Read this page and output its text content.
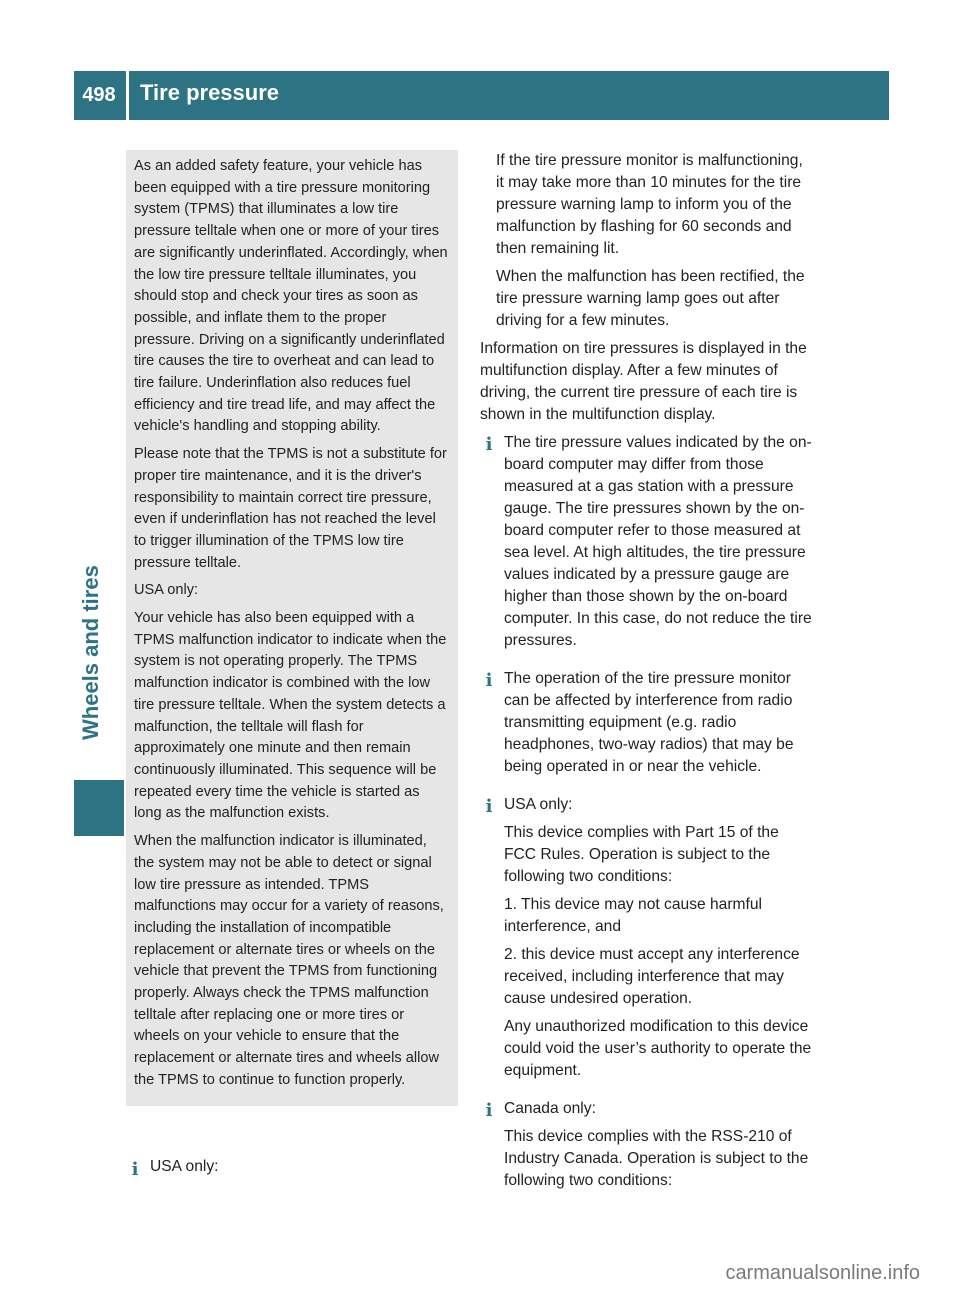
498	Tire pressure
Wheels and tires

As an added safety feature, your vehicle has been equipped with a tire pressure monitoring system (TPMS) that illuminates a low tire pressure telltale when one or more of your tires are significantly underinflated. Accordingly, when the low tire pressure telltale illuminates, you should stop and check your tires as soon as possible, and inflate them to the proper pressure. Driving on a significantly underinflated tire causes the tire to overheat and can lead to tire failure. Underinflation also reduces fuel efficiency and tire tread life, and may affect the vehicle's handling and stopping ability.

Please note that the TPMS is not a substitute for proper tire maintenance, and it is the driver's responsibility to maintain correct tire pressure, even if underinflation has not reached the level to trigger illumination of the TPMS low tire pressure telltale.

USA only:

Your vehicle has also been equipped with a TPMS malfunction indicator to indicate when the system is not operating properly. The TPMS malfunction indicator is combined with the low tire pressure telltale. When the system detects a malfunction, the telltale will flash for approximately one minute and then remain continuously illuminated. This sequence will be repeated every time the vehicle is started as long as the malfunction exists.

When the malfunction indicator is illuminated, the system may not be able to detect or signal low tire pressure as intended. TPMS malfunctions may occur for a variety of reasons, including the installation of incompatible replacement or alternate tires or wheels on the vehicle that prevent the TPMS from functioning properly. Always check the TPMS malfunction telltale after replacing one or more tires or wheels on your vehicle to ensure that the replacement or alternate tires and wheels allow the TPMS to continue to function properly.

i USA only:

If the tire pressure monitor is malfunctioning, it may take more than 10 minutes for the tire pressure warning lamp to inform you of the malfunction by flashing for 60 seconds and then remaining lit.

When the malfunction has been rectified, the tire pressure warning lamp goes out after driving for a few minutes.

Information on tire pressures is displayed in the multifunction display. After a few minutes of driving, the current tire pressure of each tire is shown in the multifunction display.

i The tire pressure values indicated by the on-board computer may differ from those measured at a gas station with a pressure gauge. The tire pressures shown by the on-board computer refer to those measured at sea level. At high altitudes, the tire pressure values indicated by a pressure gauge are higher than those shown by the on-board computer. In this case, do not reduce the tire pressures.

i The operation of the tire pressure monitor can be affected by interference from radio transmitting equipment (e.g. radio headphones, two-way radios) that may be being operated in or near the vehicle.

i USA only:

This device complies with Part 15 of the FCC Rules. Operation is subject to the following two conditions:

1. This device may not cause harmful interference, and

2. this device must accept any interference received, including interference that may cause undesired operation.

Any unauthorized modification to this device could void the user’s authority to operate the equipment.

i Canada only:

This device complies with the RSS-210 of Industry Canada. Operation is subject to the following two conditions:

carmanualsonline.info
